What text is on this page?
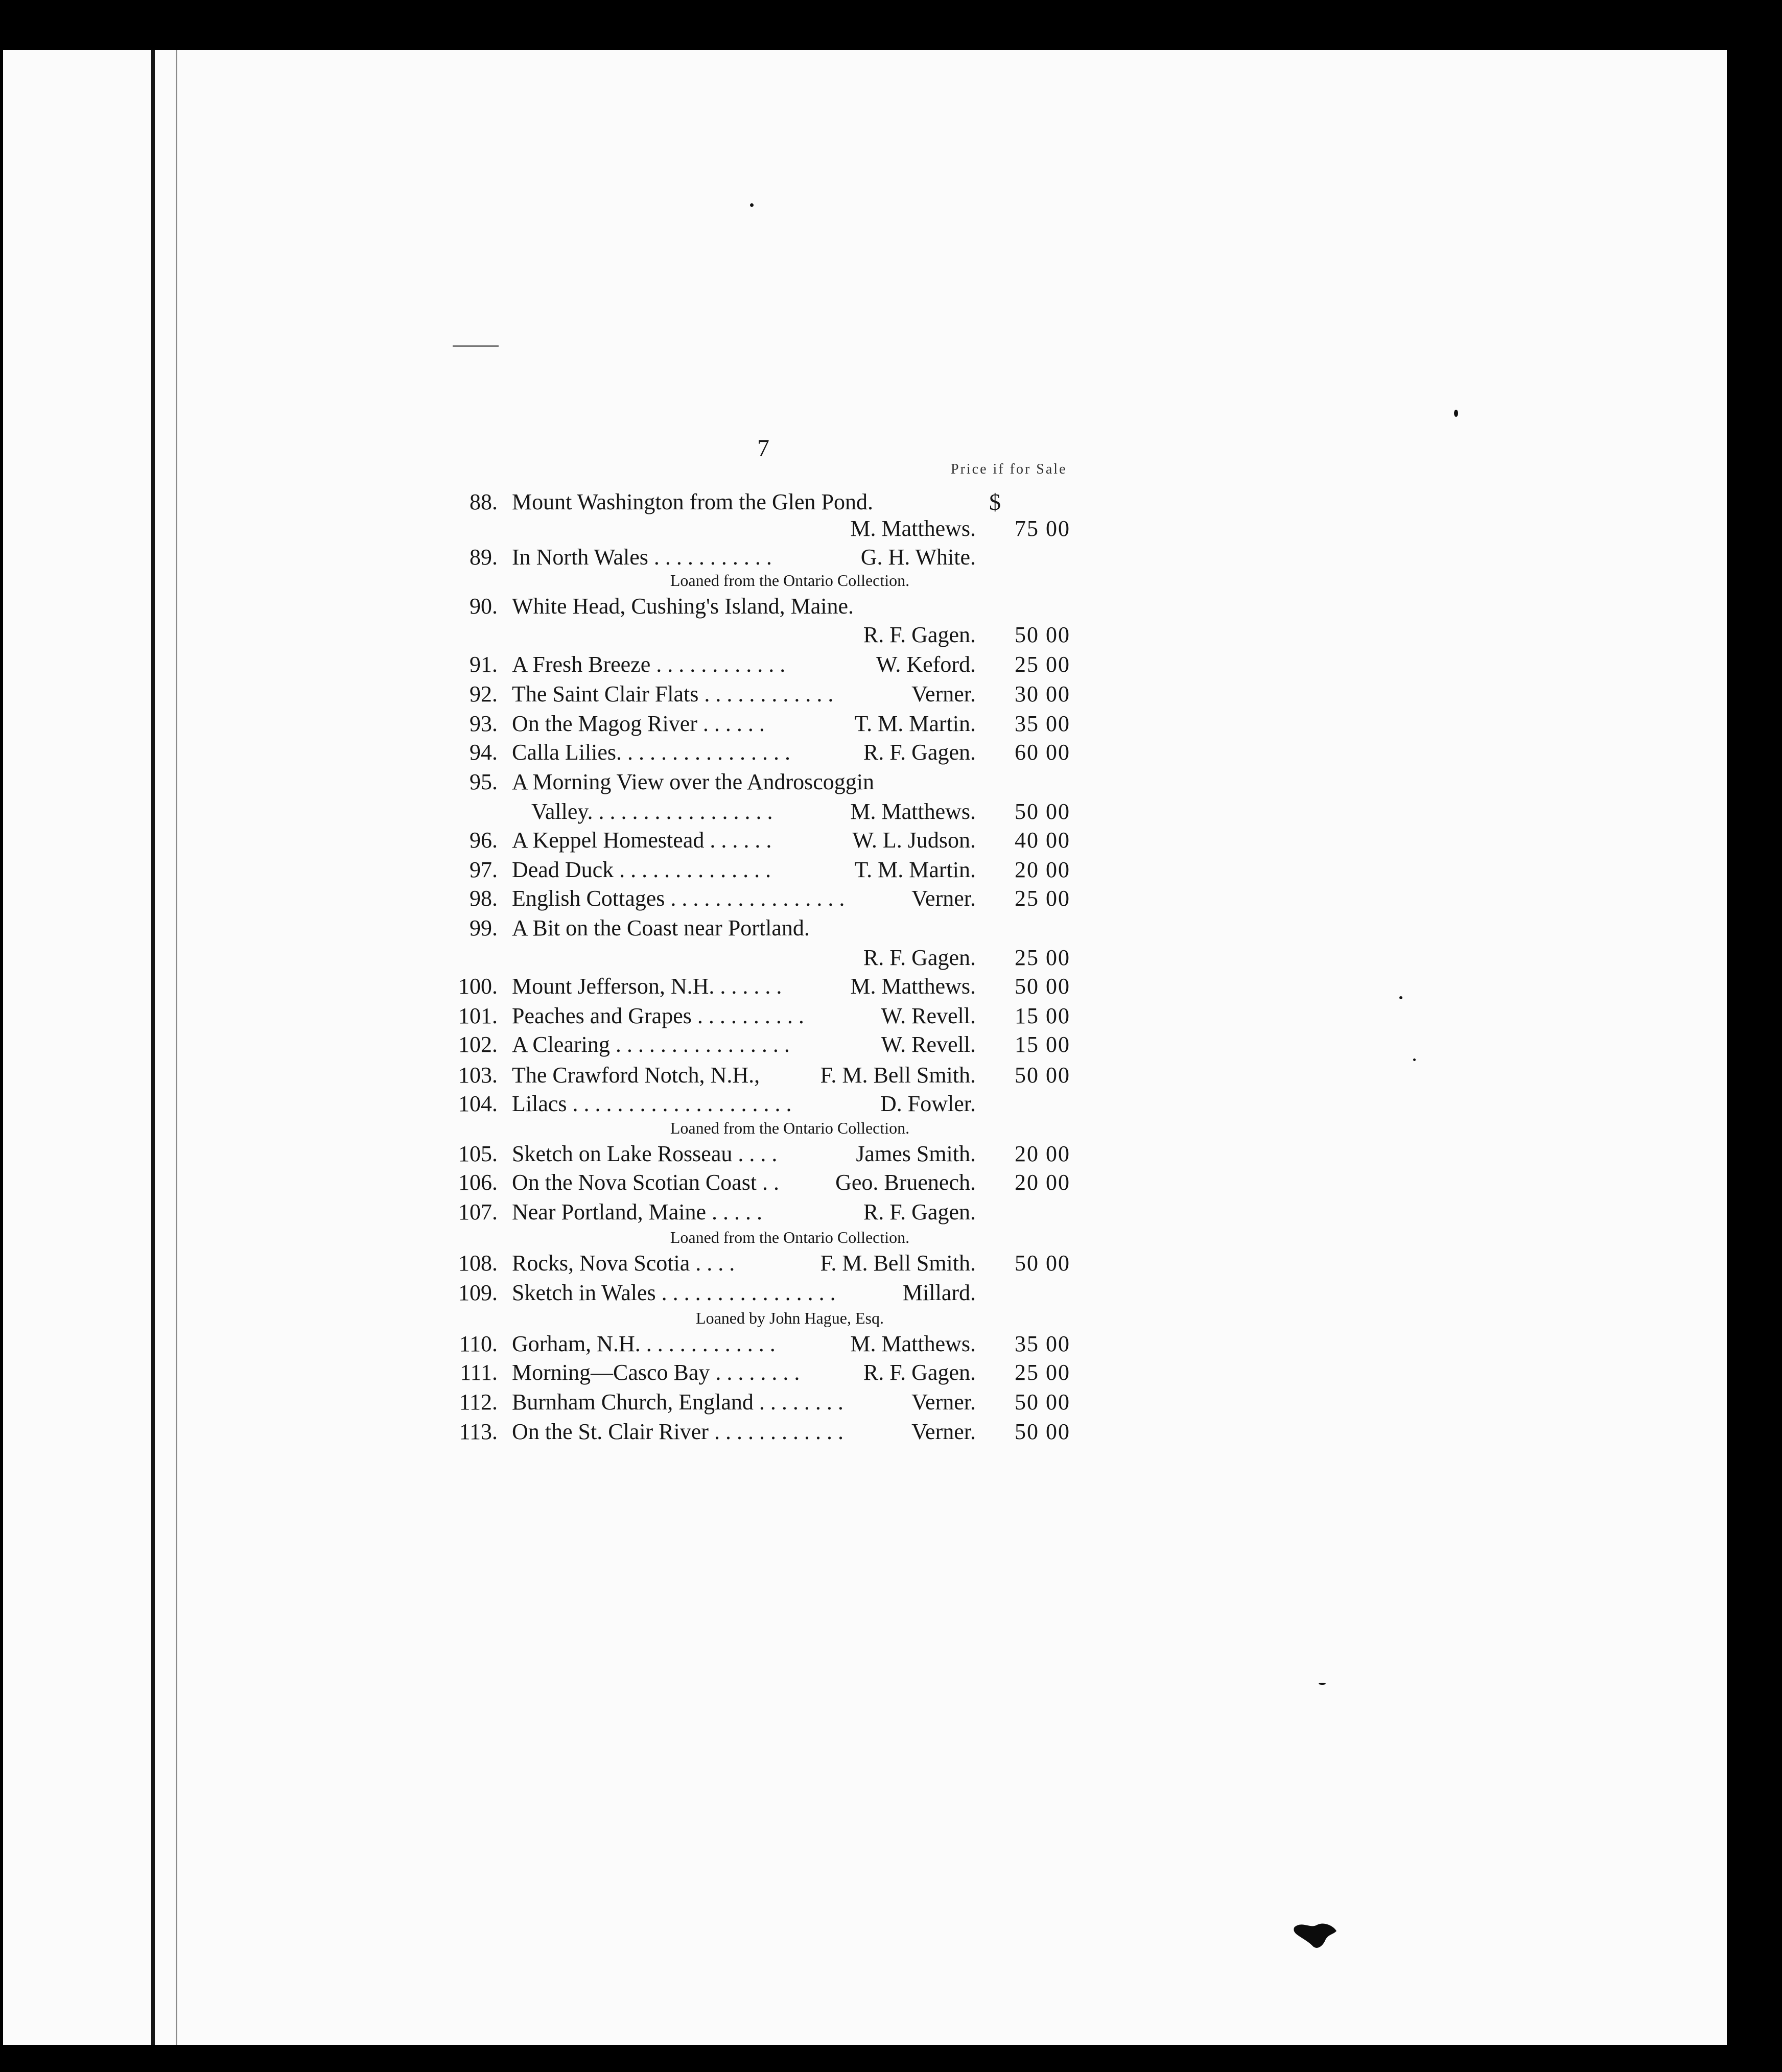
7
Price if for Sale
88. Mount Washington from the Glen Pond.	$
M. Matthews. 75 00
89. In North Wales . . . . . . . . . . .	G. H. White.
Loaned from the Ontario Collection.
90. White Head, Cushing's Island, Maine.
R. F. Gagen. 50 00
91. A Fresh Breeze . . . . . . . . . . . .	W. Keford. 25 00
92. The Saint Clair Flats . . . . . . . . . . . .	Verner. 30 00
93. On the Magog River . . . . . .	T. M. Martin. 35 00
94. Calla Lilies. . . . . . . . . . . . . . . .	R. F. Gagen. 60 00
95. A Morning View over the Androscoggin
Valley. . . . . . . . . . . . . . . . .	M. Matthews. 50 00
96. A Keppel Homestead . . . . . .	W. L. Judson. 40 00
97. Dead Duck . . . . . . . . . . . . . .	T. M. Martin. 20 00
98. English Cottages . . . . . . . . . . . . . . . .	Verner. 25 00
99. A Bit on the Coast near Portland.
R. F. Gagen. 25 00
100. Mount Jefferson, N.H. . . . . . .	M. Matthews. 50 00
101. Peaches and Grapes . . . . . . . . . .	W. Revell. 15 00
102. A Clearing . . . . . . . . . . . . . . . .	W. Revell. 15 00
103. The Crawford Notch, N.H.,	F. M. Bell Smith. 50 00
104. Lilacs . . . . . . . . . . . . . . . . . . . .	D. Fowler.
Loaned from the Ontario Collection.
105. Sketch on Lake Rosseau . . . .	James Smith. 20 00
106. On the Nova Scotian Coast . .	Geo. Bruenech. 20 00
107. Near Portland, Maine . . . . .	R. F. Gagen.
Loaned from the Ontario Collection.
108. Rocks, Nova Scotia . . . .	F. M. Bell Smith. 50 00
109. Sketch in Wales . . . . . . . . . . . . . . . .	Millard.
Loaned by John Hague, Esq.
110. Gorham, N.H. . . . . . . . . . . . .	M. Matthews. 35 00
111. Morning—Casco Bay . . . . . . . .	R. F. Gagen. 25 00
112. Burnham Church, England . . . . . . . .	Verner. 50 00
113. On the St. Clair River . . . . . . . . . . . .	Verner. 50 00
